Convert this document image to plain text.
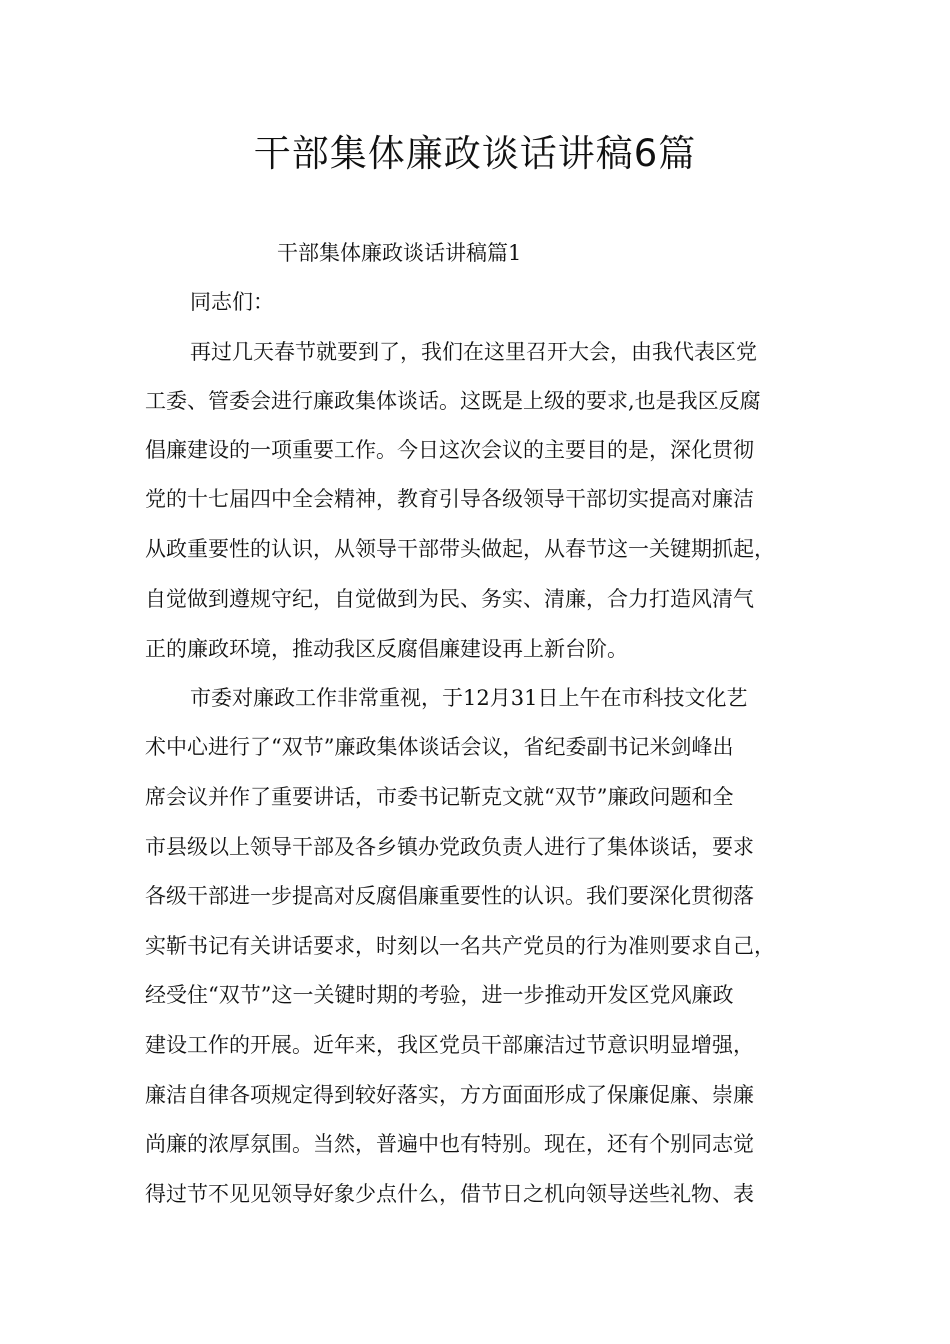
干部集体廉政谈话讲稿6篇

干部集体廉政谈话讲稿篇1

同志们：

再过几天春节就要到了，我们在这里召开大会，由我代表区党

工委、管委会进行廉政集体谈话。这既是上级的要求,也是我区反腐

倡廉建设的一项重要工作。今日这次会议的主要目的是，深化贯彻

党的十七届四中全会精神，教育引导各级领导干部切实提高对廉洁

从政重要性的认识，从领导干部带头做起，从春节这一关键期抓起，

自觉做到遵规守纪，自觉做到为民、务实、清廉，合力打造风清气

正的廉政环境，推动我区反腐倡廉建设再上新台阶。

市委对廉政工作非常重视，于12月31日上午在市科技文化艺

术中心进行了“双节”廉政集体谈话会议，省纪委副书记米剑峰出

席会议并作了重要讲话，市委书记靳克文就“双节”廉政问题和全

市县级以上领导干部及各乡镇办党政负责人进行了集体谈话，要求

各级干部进一步提高对反腐倡廉重要性的认识。我们要深化贯彻落

实靳书记有关讲话要求，时刻以一名共产党员的行为准则要求自己，

经受住“双节”这一关键时期的考验，进一步推动开发区党风廉政

建设工作的开展。近年来，我区党员干部廉洁过节意识明显增强，

廉洁自律各项规定得到较好落实，方方面面形成了保廉促廉、崇廉

尚廉的浓厚氛围。当然，普遍中也有特别。现在，还有个别同志觉

得过节不见见领导好象少点什么，借节日之机向领导送些礼物、表
